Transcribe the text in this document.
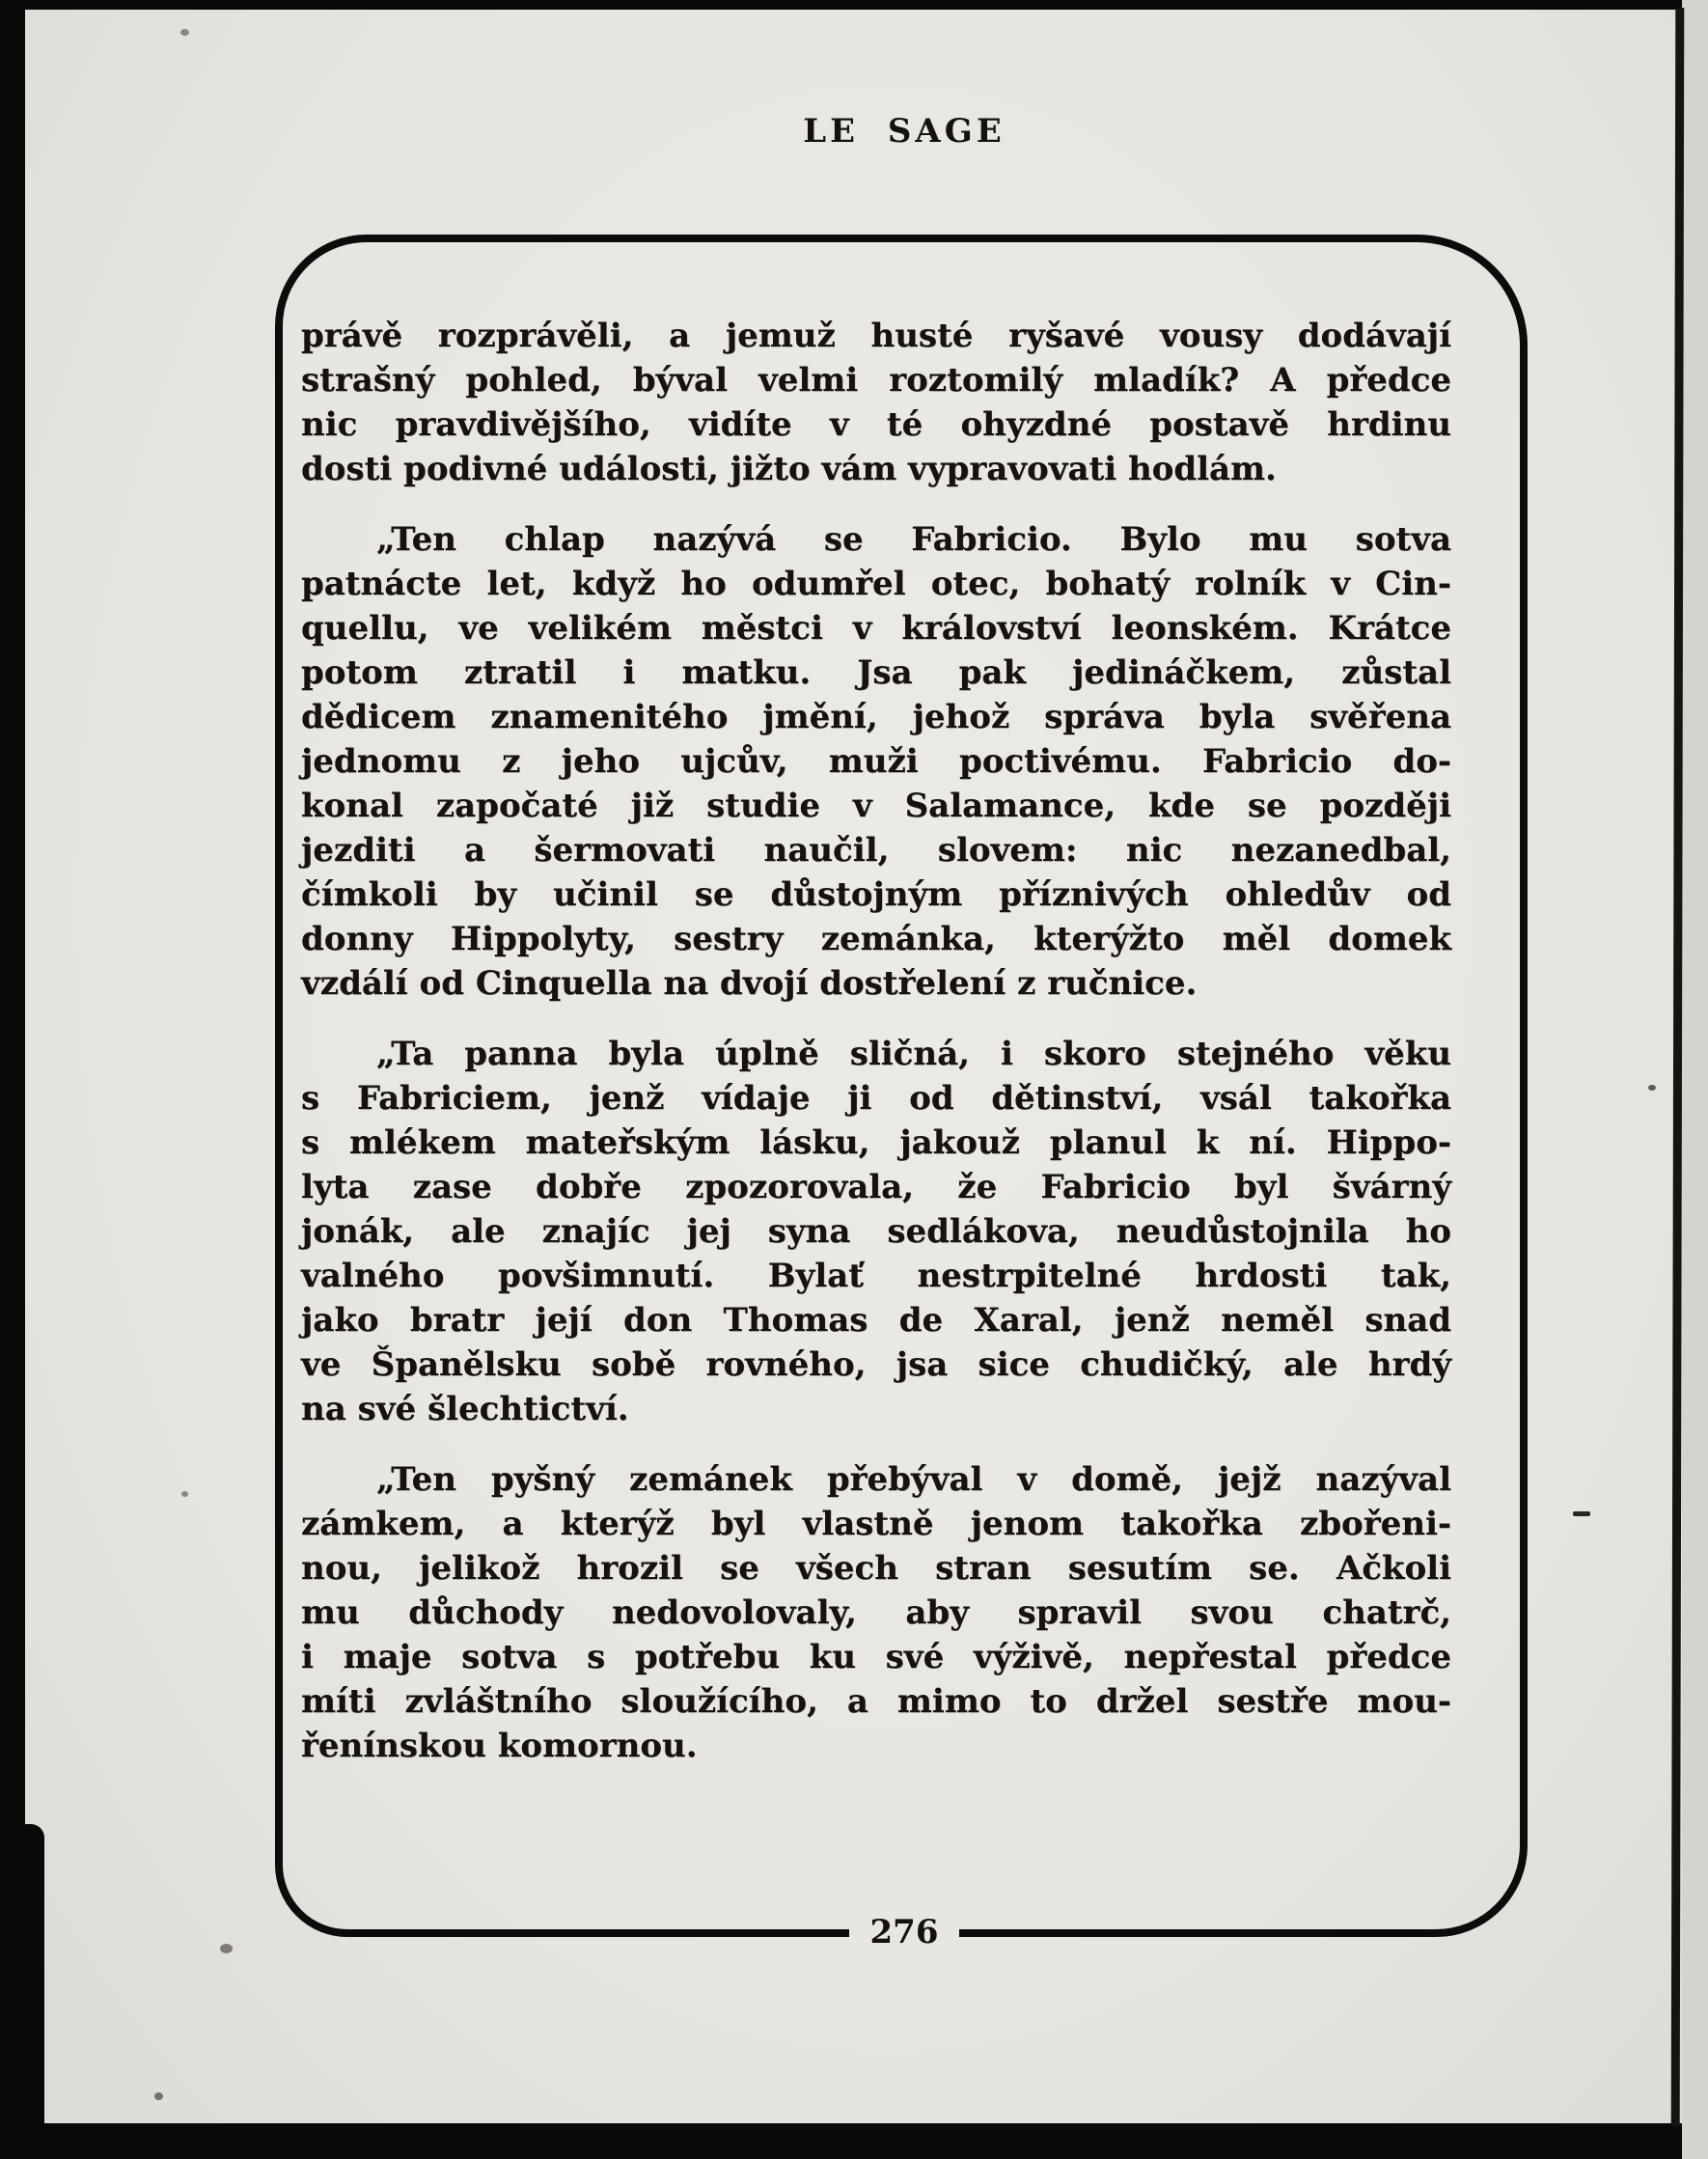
LE SAGE

právě rozprávěli, a jemuž husté ryšavé vousy dodávají
strašný pohled, býval velmi roztomilý mladík? A předce
nic pravdivějšího, vidíte v té ohyzdné postavě hrdinu
dosti podivné události, jižto vám vypravovati hodlám.

„Ten chlap nazývá se Fabricio. Bylo mu sotva
patnácte let, když ho odumřel otec, bohatý rolník v Cin-
quellu, ve velikém městci v království leonském. Krátce
potom ztratil i matku. Jsa pak jedináčkem, zůstal
dědicem znamenitého jmění, jehož správa byla svěřena
jednomu z jeho ujcův, muži poctivému. Fabricio do-
konal započaté již studie v Salamance, kde se později
jezditi a šermovati naučil, slovem: nic nezanedbal,
čímkoli by učinil se důstojným příznivých ohledův od
donny Hippolyty, sestry zemánka, kterýžto měl domek
vzdálí od Cinquella na dvojí dostřelení z ručnice.

„Ta panna byla úplně sličná, i skoro stejného věku
s Fabriciem, jenž vídaje ji od dětinství, vsál takořka
s mlékem mateřským lásku, jakouž planul k ní. Hippo-
lyta zase dobře zpozorovala, že Fabricio byl švárný
jonák, ale znajíc jej syna sedlákova, neudůstojnila ho
valného povšimnutí. Bylať nestrpitelné hrdosti tak,
jako bratr její don Thomas de Xaral, jenž neměl snad
ve Španělsku sobě rovného, jsa sice chudičký, ale hrdý
na své šlechtictví.

„Ten pyšný zemánek přebýval v domě, jejž nazýval
zámkem, a kterýž byl vlastně jenom takořka zbořeni-
nou, jelikož hrozil se všech stran sesutím se. Ačkoli
mu důchody nedovolovaly, aby spravil svou chatrč,
i maje sotva s potřebu ku své výživě, nepřestal předce
míti zvláštního sloužícího, a mimo to držel sestře mou-
řenínskou komornou.

276
